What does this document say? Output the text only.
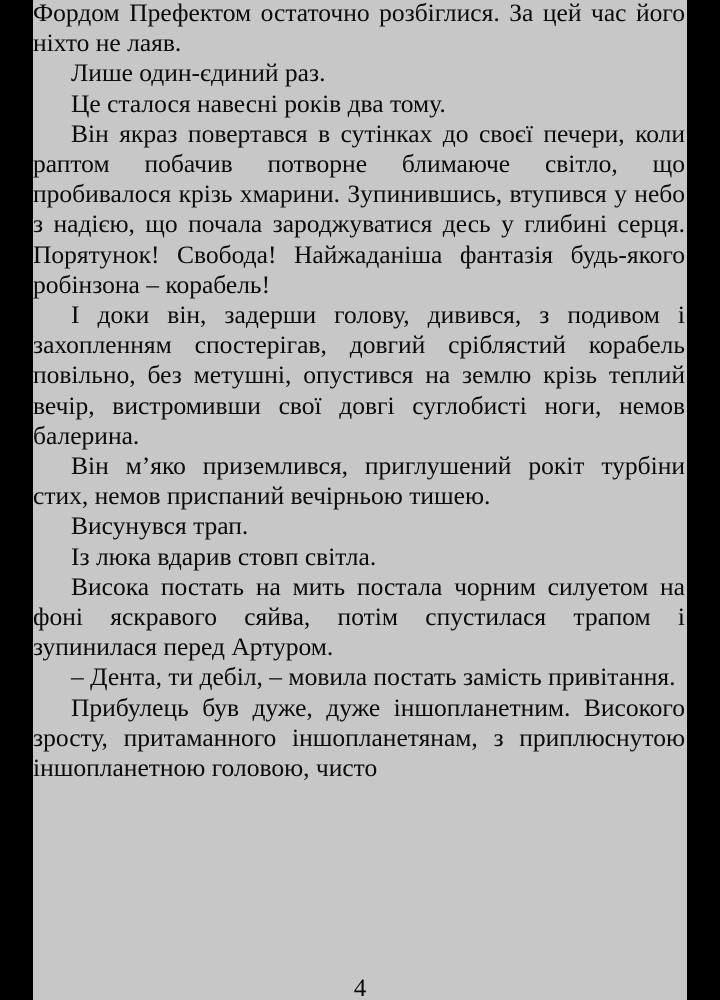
Фордом Префектом остаточно розбіглися. За цей час його ніхто не лаяв.

Лише один-єдиний раз.

Це сталося навесні років два тому.

Він якраз повертався в сутінках до своєї печери, коли раптом побачив потворне блимаюче світло, що пробивалося крізь хмарини. Зупинившись, втупився у небо з надією, що почала зароджуватися десь у глибині серця. Порятунок! Свобода! Найжаданіша фантазія будь-якого робінзона – корабель!

І доки він, задерши голову, дивився, з подивом і захопленням спостерігав, довгий сріблястий корабель повільно, без метушні, опустився на землю крізь теплий вечір, вистромивши свої довгі суглобисті ноги, немов балерина.

Він м’яко приземлився, приглушений рокіт турбіни стих, немов приспаний вечірньою тишею.

Висунувся трап.

Із люка вдарив стовп світла.

Висока постать на мить постала чорним силуетом на фоні яскравого сяйва, потім спустилася трапом і зупинилася перед Артуром.

– Дента, ти дебіл, – мовила постать замість привітання.

Прибулець був дуже, дуже іншопланетним. Високого зросту, притаманного іншопланетянам, з приплюснутою іншопланетною головою, чисто

4
